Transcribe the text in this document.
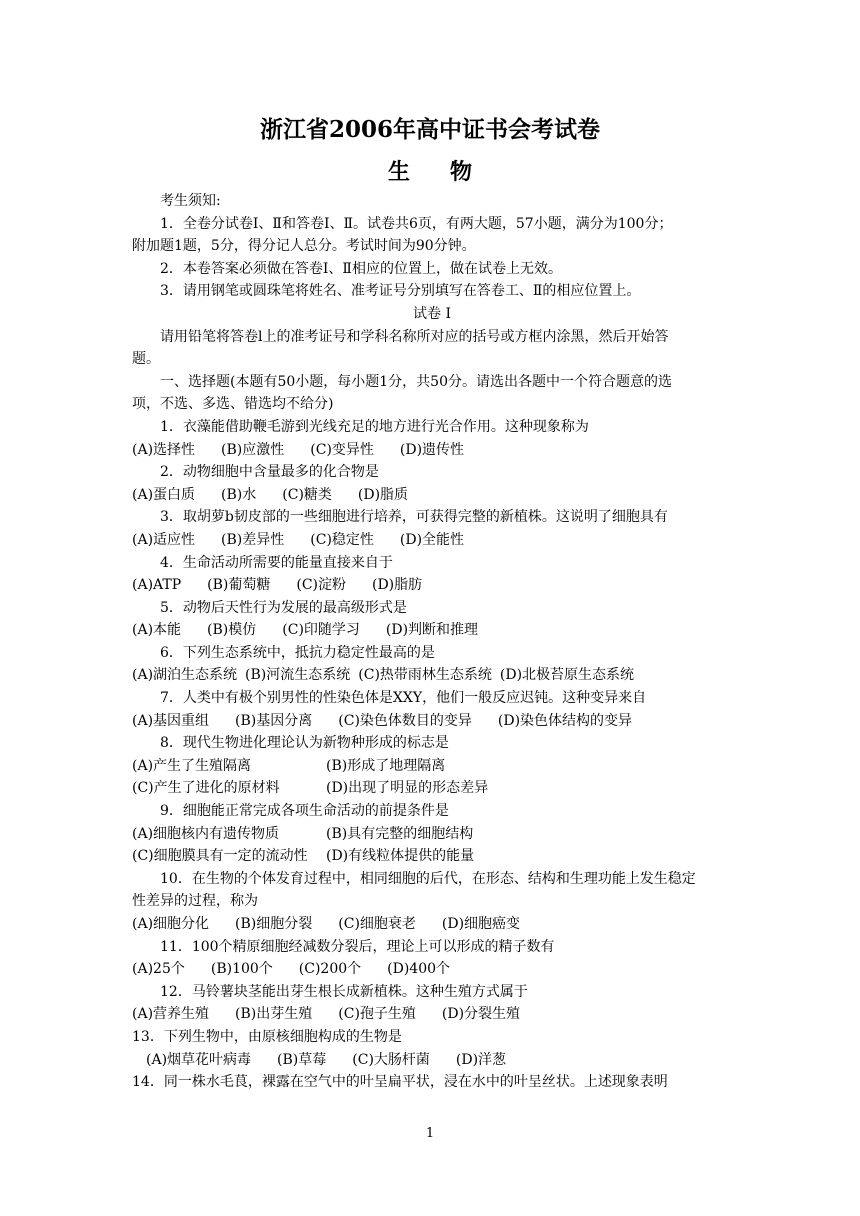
浙江省2006年高中证书会考试卷
生物
考生须知:
1．全卷分试卷Ⅰ、Ⅱ和答卷Ⅰ、Ⅱ。试卷共6页，有两大题，57小题，满分为100分；
附加题1题，5分，得分记人总分。考试时间为90分钟。
2．本卷答案必须做在答卷Ⅰ、Ⅱ相应的位置上，做在试卷上无效。
3．请用钢笔或圆珠笔将姓名、准考证号分别填写在答卷工、Ⅱ的相应位置上。
试卷 Ⅰ
请用铅笔将答卷l上的准考证号和学科名称所对应的括号或方框内涂黑，然后开始答
题。
一、选择题(本题有50小题，每小题1分，共50分。请选出各题中一个符合题意的选
项，不选、多选、错选均不给分)
1．衣藻能借助鞭毛游到光线充足的地方进行光合作用。这种现象称为
(A)选择性 (B)应激性 (C)变异性 (D)遗传性
2．动物细胞中含量最多的化合物是
(A)蛋白质 (B)水 (C)糖类 (D)脂质
3．取胡萝b韧皮部的一些细胞进行培养，可获得完整的新植株。这说明了细胞具有
(A)适应性 (B)差异性 (C)稳定性 (D)全能性
4．生命活动所需要的能量直接来自于
(A)ATP (B)葡萄糖 (C)淀粉 (D)脂肪
5．动物后天性行为发展的最高级形式是
(A)本能 (B)模仿 (C)印随学习 (D)判断和推理
6．下列生态系统中，抵抗力稳定性最高的是
(A)湖泊生态系统 (B)河流生态系统 (C)热带雨林生态系统 (D)北极苔原生态系统
7．人类中有极个别男性的性染色体是XXY，他们一般反应迟钝。这种变异来自
(A)基因重组 (B)基因分离 (C)染色体数目的变异 (D)染色体结构的变异
8．现代生物进化理论认为新物种形成的标志是
(A)产生了生殖隔离	(B)形成了地理隔离
(C)产生了进化的原材料	(D)出现了明显的形态差异
9．细胞能正常完成各项生命活动的前提条件是
(A)细胞核内有遗传物质	(B)具有完整的细胞结构
(C)细胞膜具有一定的流动性 (D)有线粒体提供的能量
10．在生物的个体发育过程中，相同细胞的后代，在形态、结构和生理功能上发生稳定
性差异的过程，称为
(A)细胞分化 (B)细胞分裂 (C)细胞衰老 (D)细胞癌变
11．100个精原细胞经减数分裂后，理论上可以形成的精子数有
(A)25个 (B)100个 (C)200个 (D)400个
12．马铃薯块茎能出芽生根长成新植株。这种生殖方式属于
(A)营养生殖 (B)出芽生殖 (C)孢子生殖 (D)分裂生殖
13．下列生物中，由原核细胞构成的生物是
(A)烟草花叶病毒 (B)草莓 (C)大肠杆菌 (D)洋葱
14．同一株水毛茛，裸露在空气中的叶呈扁平状，浸在水中的叶呈丝状。上述现象表明
1
